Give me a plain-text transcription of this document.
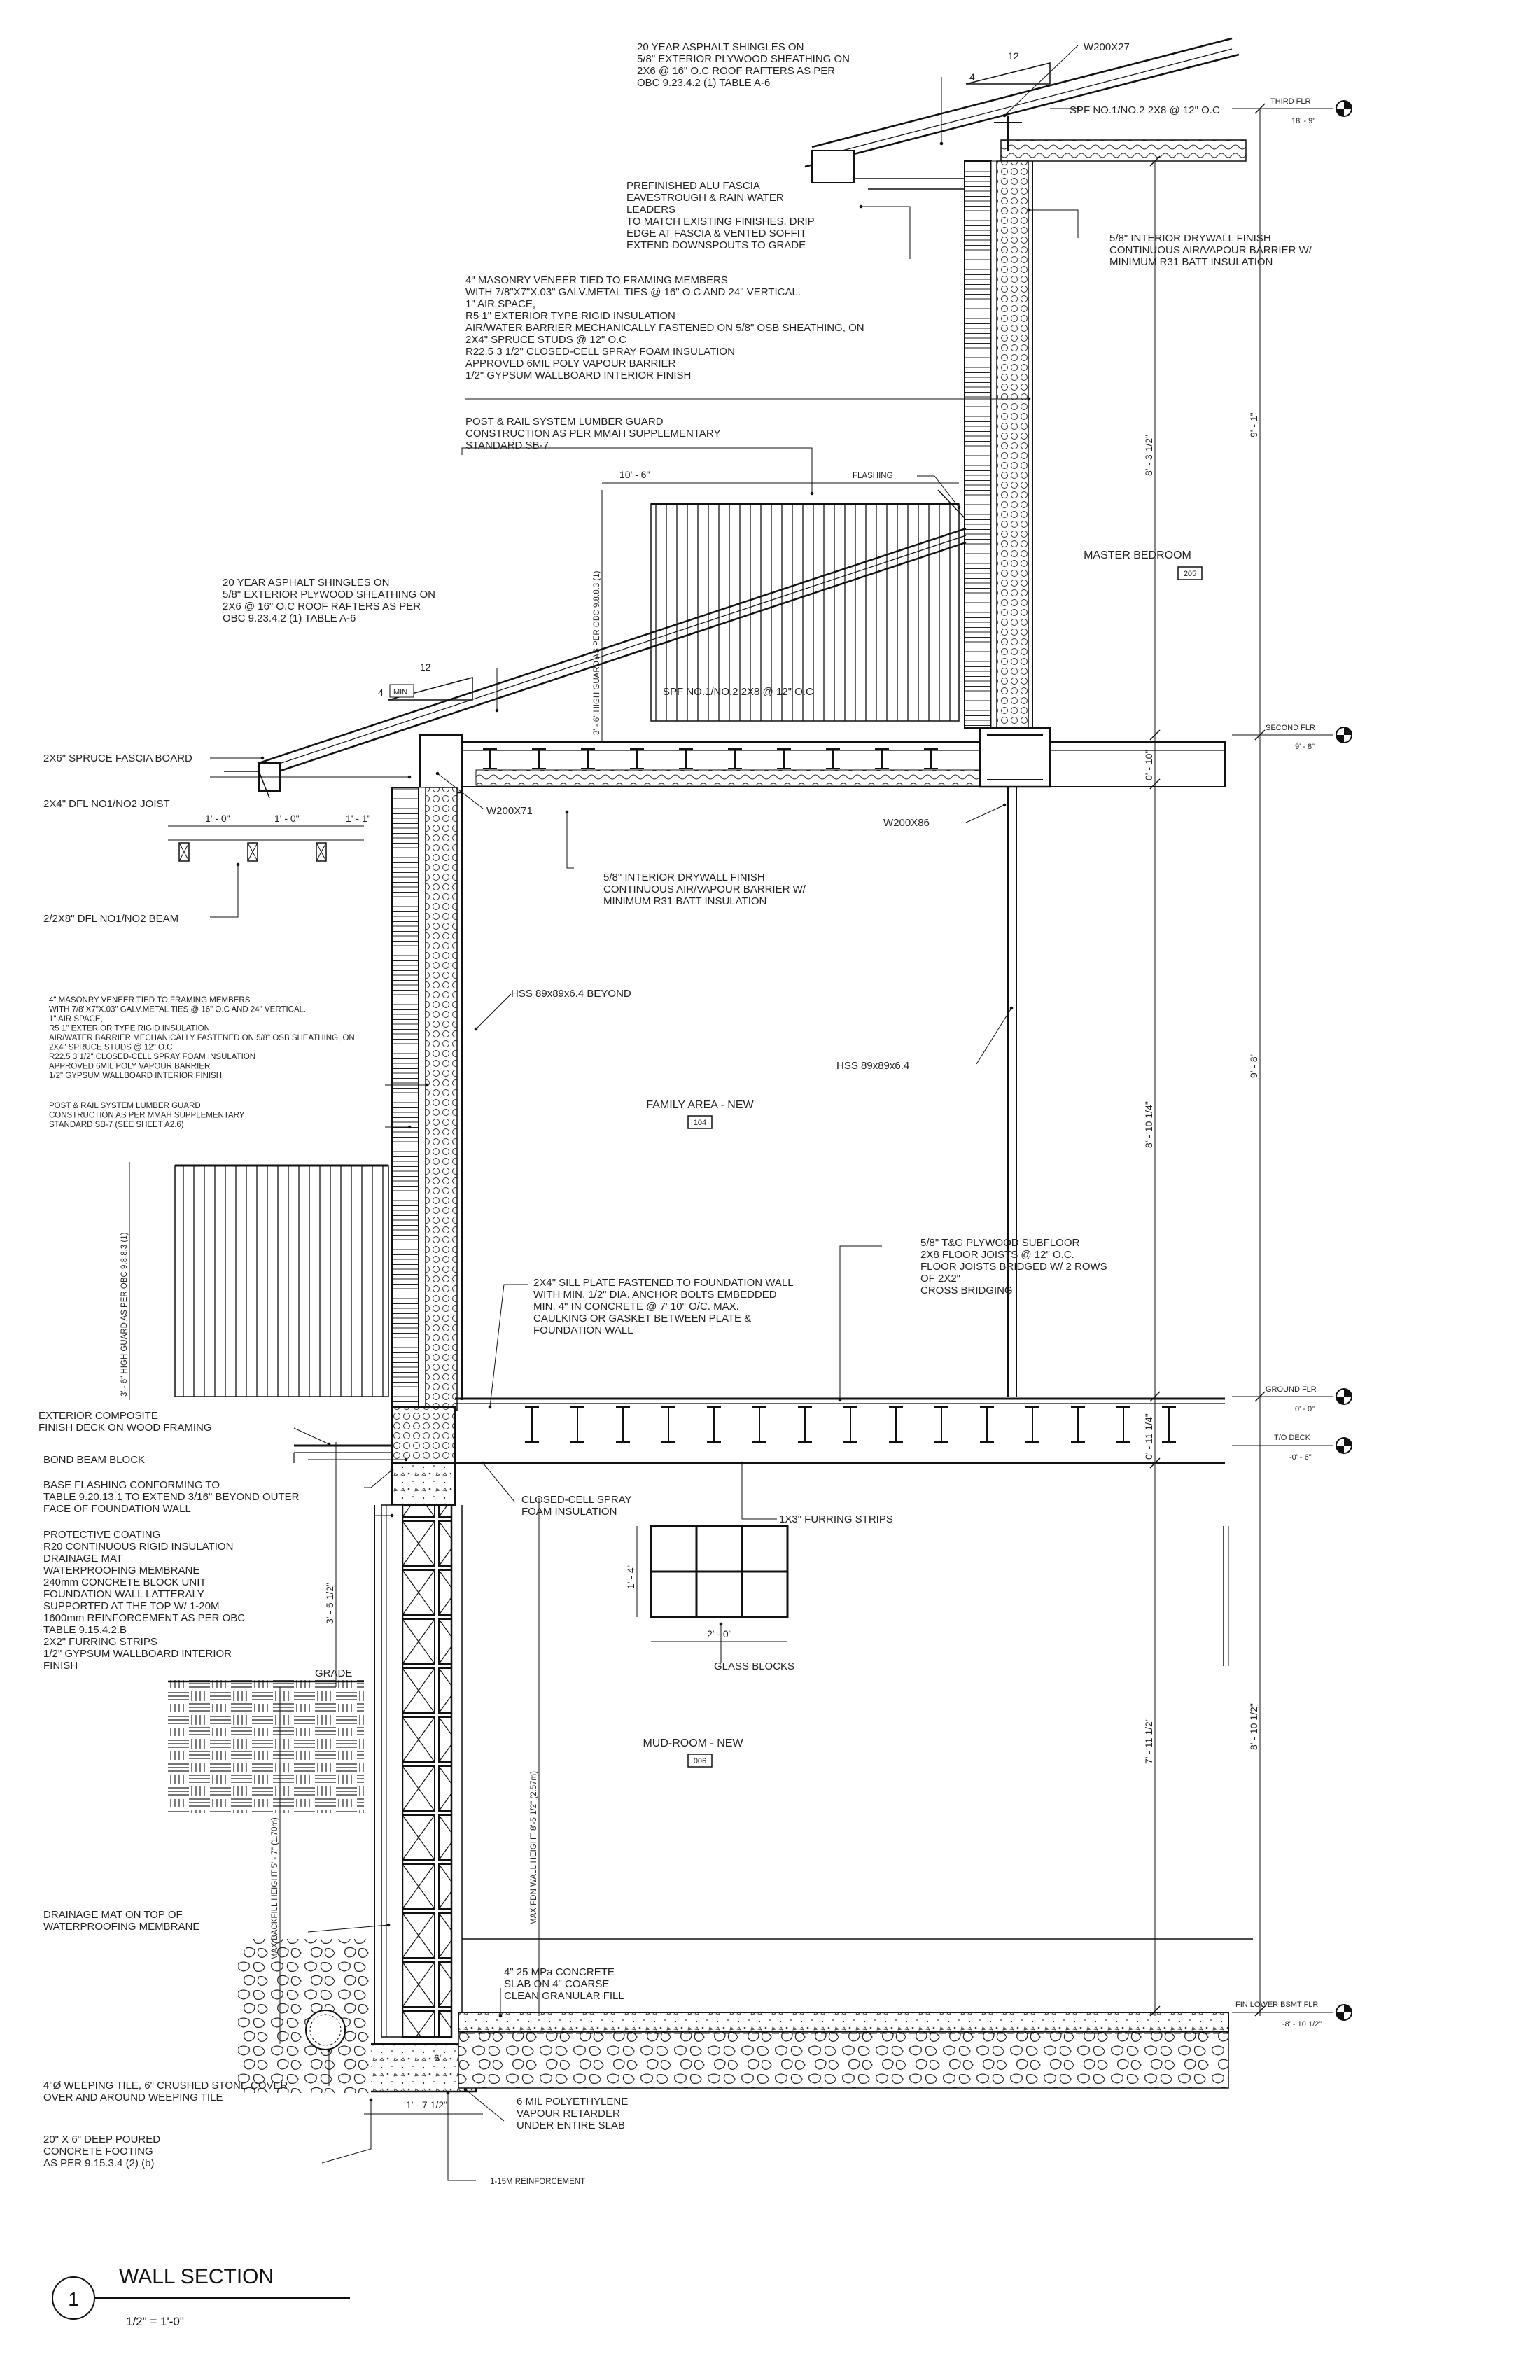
THIRD FLR
18' - 9"
SECOND FLR
9' - 8"
GROUND FLR
0' - 0"
T/O DECK
-0' - 6"
FIN LOWER BSMT FLR
-8' - 10 1/2"
8' - 3 1/2"
0' - 10"
8' - 10 1/4"
0' - 11 1/4"
7' - 11 1/2"
9' - 1"
9' - 8"
8' - 10 1/2"
10' - 6"
3' - 6" HIGH GUARD AS PER OBC 9.8.8.3 (1)
3' - 6" HIGH GUARD AS PER OBC 9.8.8.3 (1)
1' - 0"	1' - 0"	1' - 1"
3' - 5 1/2"
MAX BACKFILL HEIGHT 5' - 7" (1.70m)	MAX FDN WALL HEIGHT 8'-5 1/2" (2.57m)
1' - 4"
2' - 0"
1' - 7 1/2"
6"
12
4
12
4 MIN
MASTER BEDROOM
205
FAMILY AREA - NEW
104
MUD-ROOM - NEW
006
20 YEAR ASPHALT SHINGLES ON 5/8" EXTERIOR PLYWOOD SHEATHING ON 2X6 @ 16" O.C ROOF RAFTERS AS PER OBC 9.23.4.2 (1) TABLE A-6
PREFINISHED ALU FASCIA EAVESTROUGH & RAIN WATER LEADERS TO MATCH EXISTING FINISHES. DRIP EDGE AT FASCIA & VENTED SOFFIT EXTEND DOWNSPOUTS TO GRADE
5/8" INTERIOR DRYWALL FINISH CONTINUOUS AIR/VAPOUR BARRIER W/ MINIMUM R31 BATT INSULATION
4" MASONRY VENEER TIED TO FRAMING MEMBERS WITH 7/8"X7"X.03" GALV.METAL TIES @ 16" O.C AND 24" VERTICAL. 1" AIR SPACE, R5 1" EXTERIOR TYPE RIGID INSULATION AIR/WATER BARRIER MECHANICALLY FASTENED ON 5/8" OSB SHEATHING, ON 2X4" SPRUCE STUDS @ 12" O.C R22.5 3 1/2" CLOSED-CELL SPRAY FOAM INSULATION APPROVED 6MIL POLY VAPOUR BARRIER 1/2" GYPSUM WALLBOARD INTERIOR FINISH
POST & RAIL SYSTEM LUMBER GUARD CONSTRUCTION AS PER MMAH SUPPLEMENTARY STANDARD SB-7
20 YEAR ASPHALT SHINGLES ON 5/8" EXTERIOR PLYWOOD SHEATHING ON 2X6 @ 16" O.C ROOF RAFTERS AS PER OBC 9.23.4.2 (1) TABLE A-6
5/8" INTERIOR DRYWALL FINISH CONTINUOUS AIR/VAPOUR BARRIER W/ MINIMUM R31 BATT INSULATION
4" MASONRY VENEER TIED TO FRAMING MEMBERS WITH 7/8"X7"X.03" GALV.METAL TIES @ 16" O.C AND 24" VERTICAL. 1" AIR SPACE, R5 1" EXTERIOR TYPE RIGID INSULATION AIR/WATER BARRIER MECHANICALLY FASTENED ON 5/8" OSB SHEATHING, ON 2X4" SPRUCE STUDS @ 12" O.C R22.5 3 1/2" CLOSED-CELL SPRAY FOAM INSULATION APPROVED 6MIL POLY VAPOUR BARRIER 1/2" GYPSUM WALLBOARD INTERIOR FINISH
POST & RAIL SYSTEM LUMBER GUARD CONSTRUCTION AS PER MMAH SUPPLEMENTARY STANDARD SB-7 (SEE SHEET A2.6)
5/8" T&G PLYWOOD SUBFLOOR 2X8 FLOOR JOISTS @ 12" O.C. FLOOR JOISTS BRIDGED W/ 2 ROWS OF 2X2" CROSS BRIDGING
2X4" SILL PLATE FASTENED TO FOUNDATION WALL WITH MIN. 1/2" DIA. ANCHOR BOLTS EMBEDDED MIN. 4" IN CONCRETE @ 7' 10" O/C. MAX. CAULKING OR GASKET BETWEEN PLATE & FOUNDATION WALL
EXTERIOR COMPOSITE FINISH DECK ON WOOD FRAMING
BASE FLASHING CONFORMING TO TABLE 9.20.13.1 TO EXTEND 3/16" BEYOND OUTER FACE OF FOUNDATION WALL
PROTECTIVE COATING R20 CONTINUOUS RIGID INSULATION DRAINAGE MAT WATERPROOFING MEMBRANE 240mm CONCRETE BLOCK UNIT FOUNDATION WALL LATTERALY SUPPORTED AT THE TOP W/ 1-20M 1600mm REINFORCEMENT AS PER OBC TABLE 9.15.4.2.B 2X2" FURRING STRIPS 1/2" GYPSUM WALLBOARD INTERIOR FINISH
CLOSED-CELL SPRAY FOAM INSULATION
DRAINAGE MAT ON TOP OF WATERPROOFING MEMBRANE
4" 25 MPa CONCRETE SLAB ON 4" COARSE CLEAN GRANULAR FILL
4"Ø WEEPING TILE, 6" CRUSHED STONE COVER OVER AND AROUND WEEPING TILE	6 MIL POLYETHYLENE VAPOUR RETARDER UNDER ENTIRE SLAB
20" X 6" DEEP POURED CONCRETE FOOTING AS PER 9.15.3.4 (2) (b)
W200X27
SPF NO.1/NO.2 2X8 @ 12" O.C
FLASHING
SPF NO.1/NO.2 2X8 @ 12" O.C
2X6" SPRUCE FASCIA BOARD
2X4" DFL NO1/NO2 JOIST
W200X71
W200X86
2/2X8" DFL NO1/NO2 BEAM
HSS 89x89x6.4 BEYOND
HSS 89x89x6.4
BOND BEAM BLOCK
1X3" FURRING STRIPS
GLASS BLOCKS
GRADE
1-15M REINFORCEMENT
1
WALL SECTION
1/2" = 1'-0"
